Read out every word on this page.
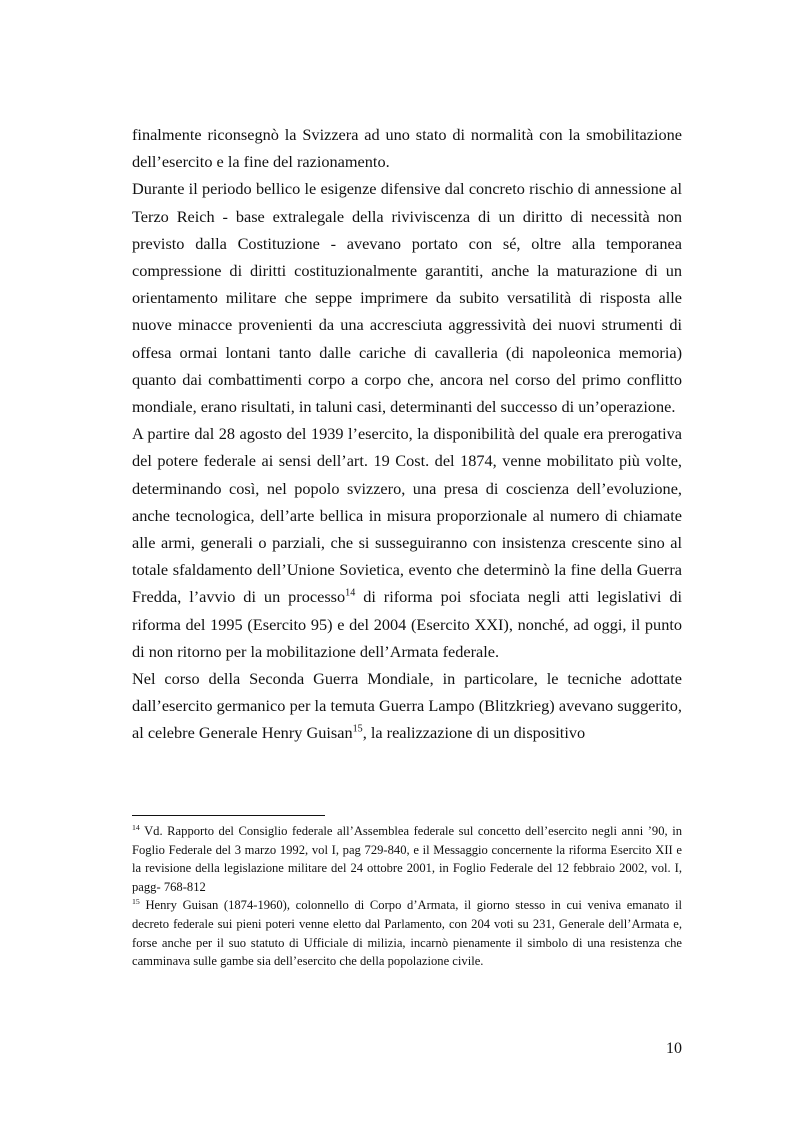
finalmente riconsegnò la Svizzera ad uno stato di normalità con la smobilitazione dell’esercito e la fine del razionamento.

Durante il periodo bellico le esigenze difensive dal concreto rischio di annessione al Terzo Reich - base extralegale della riviviscenza di un diritto di necessità non previsto dalla Costituzione - avevano portato con sé, oltre alla temporanea compressione di diritti costituzionalmente garantiti, anche la maturazione di un orientamento militare che seppe imprimere da subito versatilità di risposta alle nuove minacce provenienti da una accresciuta aggressività dei nuovi strumenti di offesa ormai lontani tanto dalle cariche di cavalleria (di napoleonica memoria) quanto dai combattimenti corpo a corpo che, ancora nel corso del primo conflitto mondiale, erano risultati, in taluni casi, determinanti del successo di un’operazione.

A partire dal 28 agosto del 1939 l’esercito, la disponibilità del quale era prerogativa del potere federale ai sensi dell’art. 19 Cost. del 1874, venne mobilitato più volte, determinando così, nel popolo svizzero, una presa di coscienza dell’evoluzione, anche tecnologica, dell’arte bellica in misura proporzionale al numero di chiamate alle armi, generali o parziali, che si susseguiranno con insistenza crescente sino al totale sfaldamento dell’Unione Sovietica, evento che determinò la fine della Guerra Fredda, l’avvio di un processo$^{14}$ di riforma poi sfociata negli atti legislativi di riforma del 1995 (Esercito 95) e del 2004 (Esercito XXI), nonché, ad oggi, il punto di non ritorno per la mobilitazione dell’Armata federale.

Nel corso della Seconda Guerra Mondiale, in particolare, le tecniche adottate dall’esercito germanico per la temuta Guerra Lampo (Blitzkrieg) avevano suggerito, al celebre Generale Henry Guisan$^{15}$, la realizzazione di un dispositivo

$^{14}$ Vd. Rapporto del Consiglio federale all’Assemblea federale sul concetto dell’esercito negli anni ’90, in Foglio Federale del 3 marzo 1992, vol I, pag 729-840, e il Messaggio concernente la riforma Esercito XII e la revisione della legislazione militare del 24 ottobre 2001, in Foglio Federale del 12 febbraio 2002, vol. I, pagg- 768-812

$^{15}$ Henry Guisan (1874-1960), colonnello di Corpo d’Armata, il giorno stesso in cui veniva emanato il decreto federale sui pieni poteri venne eletto dal Parlamento, con 204 voti su 231, Generale dell’Armata e, forse anche per il suo statuto di Ufficiale di milizia, incarnò pienamente il simbolo di una resistenza che camminava sulle gambe sia dell’esercito che della popolazione civile.

10
